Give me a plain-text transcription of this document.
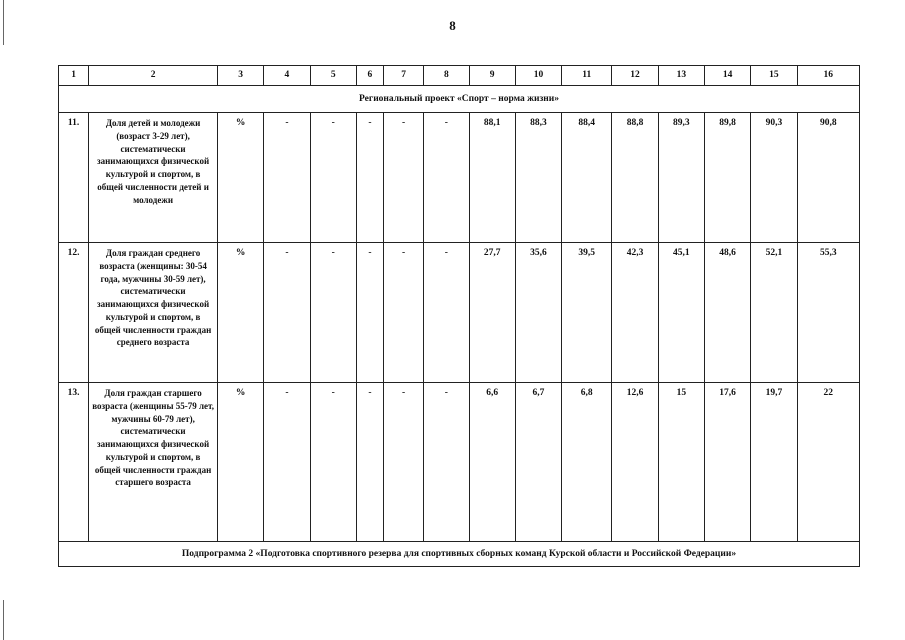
8
1	2	3	4	5	6	7	8	9	10	11	12	13	14	15	16
Региональный проект «Спорт – норма жизни»															
11.	Доля детей и молодежи (возраст 3-29 лет), систематически занимающихся физической культурой и спортом, в общей численности детей и молодежи	%	-	-	-	-	-	88,1	88,3	88,4	88,8	89,3	89,8	90,3	90,8
12.	Доля граждан среднего возраста (женщины: 30-54 года, мужчины 30-59 лет), систематически занимающихся физической культурой и спортом, в общей численности граждан среднего возраста	%	-	-	-	-	-	27,7	35,6	39,5	42,3	45,1	48,6	52,1	55,3
13.	Доля граждан старшего возраста (женщины 55-79 лет, мужчины 60-79 лет), систематически занимающихся физической культурой и спортом, в общей численности граждан старшего возраста	%	-	-	-	-	-	6,6	6,7	6,8	12,6	15	17,6	19,7	22
Подпрограмма 2 «Подготовка спортивного резерва для спортивных сборных команд Курской области и Российской Федерации»															
